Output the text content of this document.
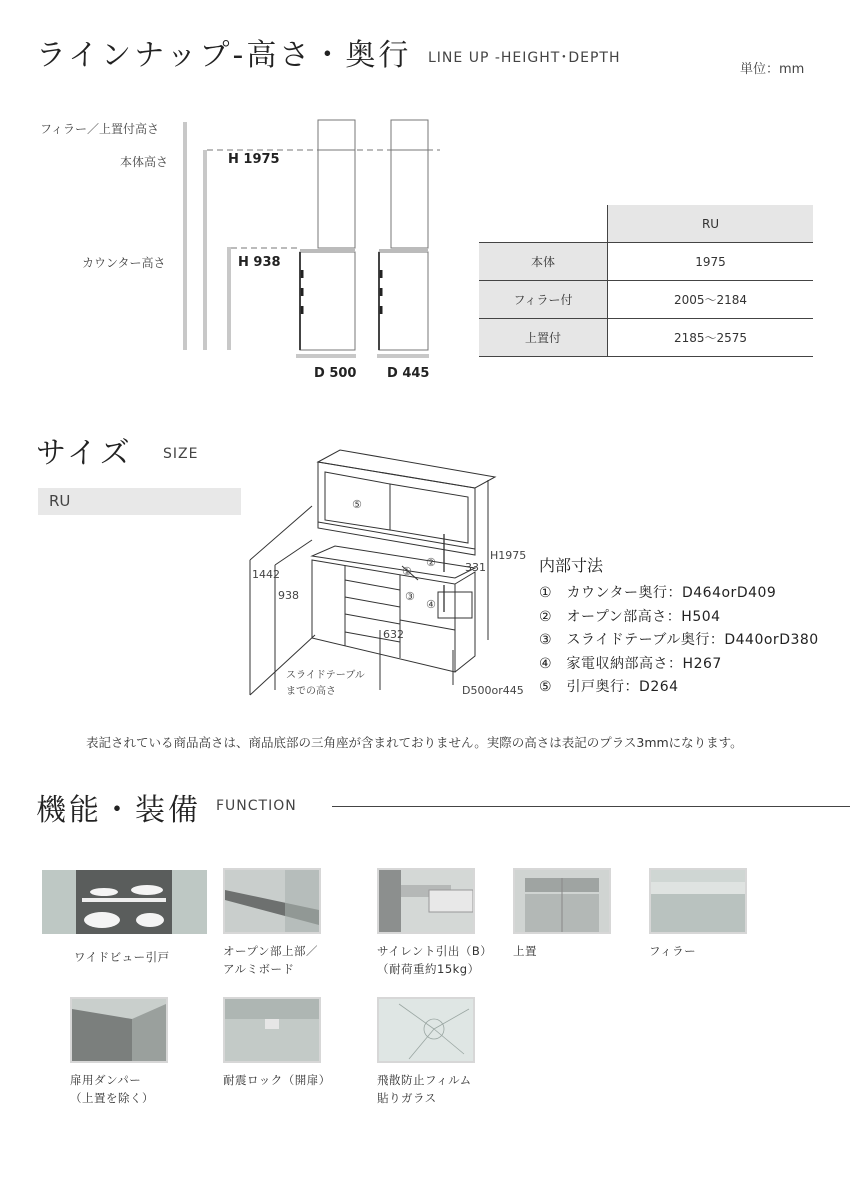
ラインナップ-高さ・奥行 LINE UP -HEIGHT･DEPTH
単位：mm
フィラー／上置付高さ
本体高さ
カウンター高さ
H 1975
H 938
D 500 D 445
	RU
本体	1975
フィラー付	2005～2184
上置付	2185～2575
サイズ SIZE
RU	⑤
①
②
③
④
H1975
331
1442
938
632
スライドテーブル
までの高さ	D500or445
内部寸法
①　カウンター奥行：D464orD409
②　オープン部高さ：H504
③　スライドテーブル奥行：D440orD380
④　家電収納部高さ：H267
⑤　引戸奥行：D264
表記されている商品高さは、商品底部の三角座が含まれておりません。実際の高さは表記のプラス3mmになります。
機能・装備 FUNCTION
ワイドビュー引戸	オープン部上部／
アルミボード
サイレント引出（B）
（耐荷重約15kg）
上置	フィラー
扉用ダンパー
（上置を除く）
耐震ロック（開扉）	飛散防止フィルム
貼りガラス
